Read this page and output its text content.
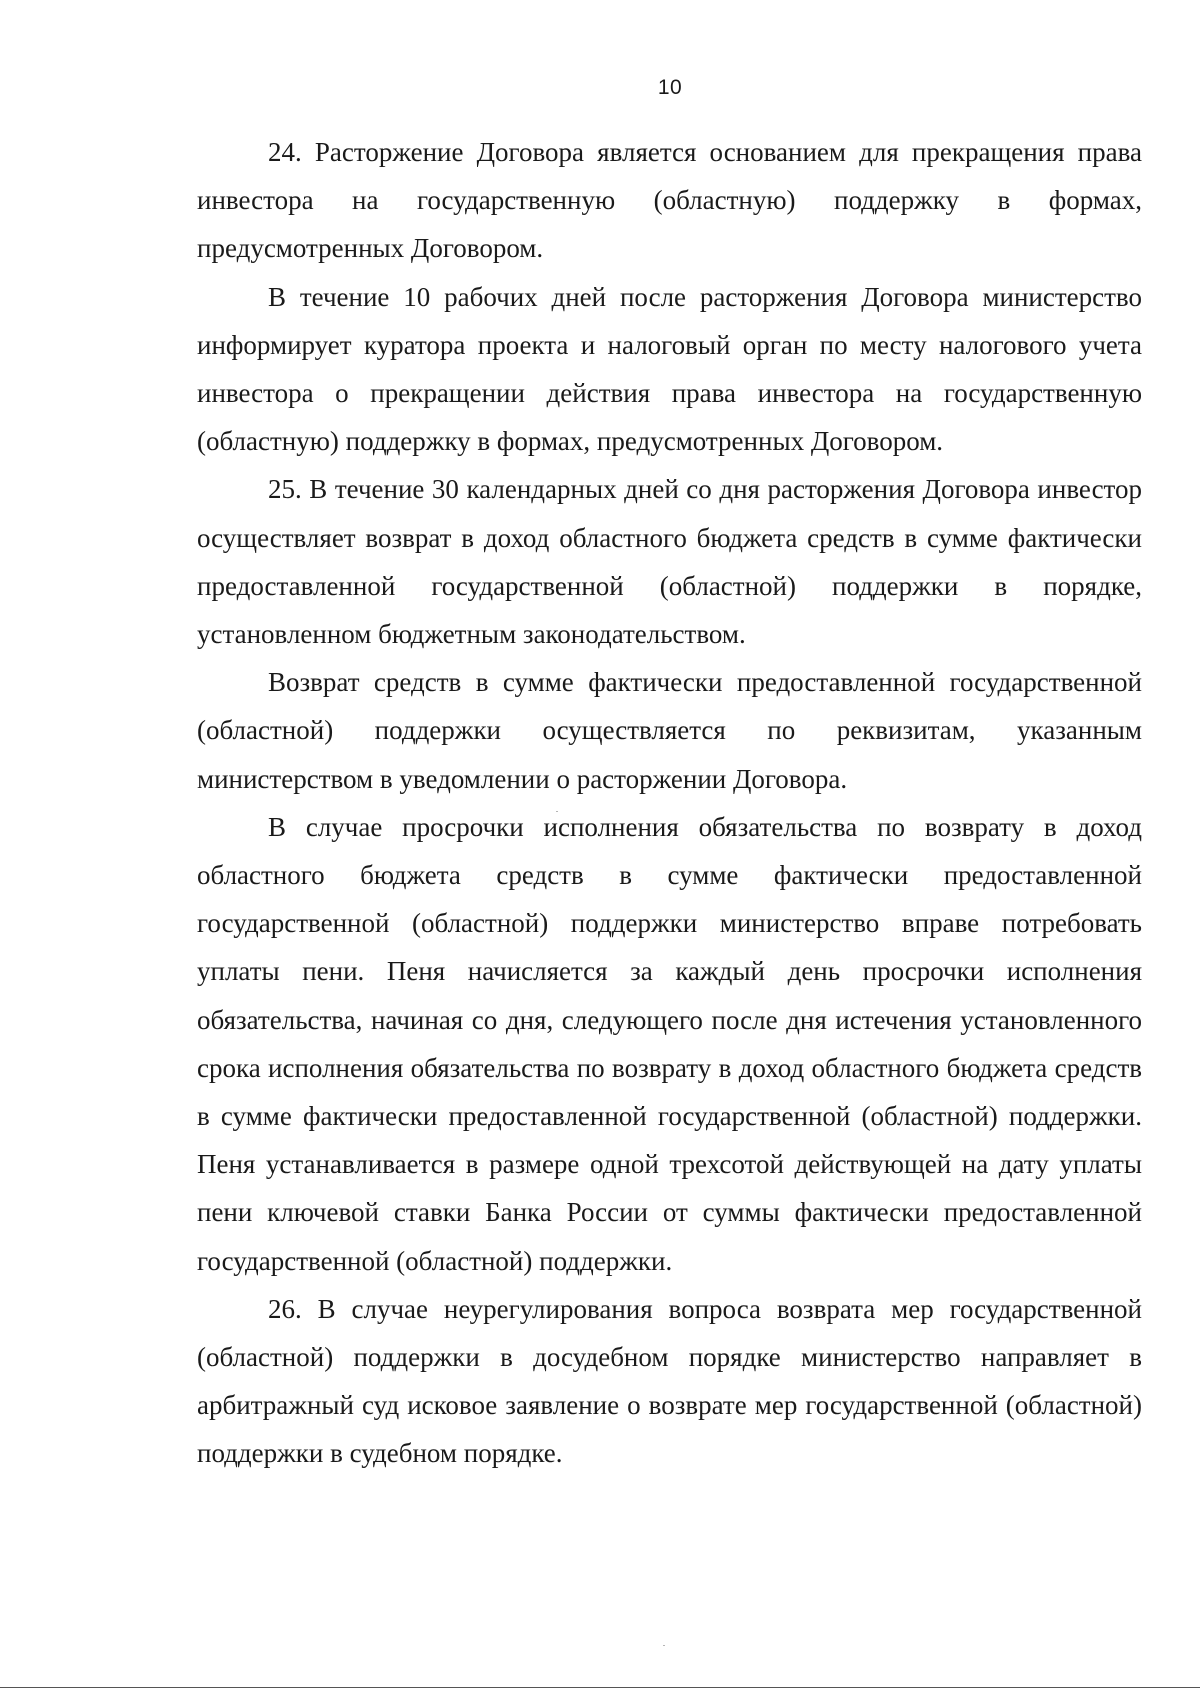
10

24. Расторжение Договора является основанием для прекращения права инвестора на государственную (областную) поддержку в формах, предусмотренных Договором.

В течение 10 рабочих дней после расторжения Договора министерство информирует куратора проекта и налоговый орган по месту налогового учета инвестора о прекращении действия права инвестора на государственную (областную) поддержку в формах, предусмотренных Договором.

25. В течение 30 календарных дней со дня расторжения Договора инвестор осуществляет возврат в доход областного бюджета средств в сумме фактически предоставленной государственной (областной) поддержки в порядке, установленном бюджетным законодательством.

Возврат средств в сумме фактически предоставленной государственной (областной) поддержки осуществляется по реквизитам, указанным министерством в уведомлении о расторжении Договора.

В случае просрочки исполнения обязательства по возврату в доход областного бюджета средств в сумме фактически предоставленной государственной (областной) поддержки министерство вправе потребовать уплаты пени. Пеня начисляется за каждый день просрочки исполнения обязательства, начиная со дня, следующего после дня истечения установленного срока исполнения обязательства по возврату в доход областного бюджета средств в сумме фактически предоставленной государственной (областной) поддержки. Пеня устанавливается в размере одной трехсотой действующей на дату уплаты пени ключевой ставки Банка России от суммы фактически предоставленной государственной (областной) поддержки.

26. В случае неурегулирования вопроса возврата мер государственной (областной) поддержки в досудебном порядке министерство направляет в арбитражный суд исковое заявление о возврате мер государственной (областной) поддержки в судебном порядке.
